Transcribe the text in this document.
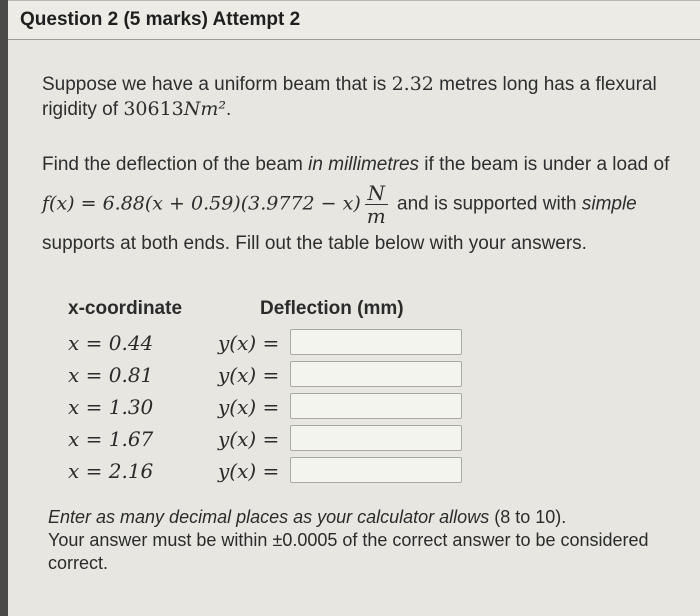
Question 2 (5 marks) Attempt 2
Suppose we have a uniform beam that is 2.32 metres long has a flexural rigidity of 30613Nm².
Find the deflection of the beam in millimetres if the beam is under a load of $f(x) = 6.88(x + 0.59)(3.9772 - x) \frac{N}{m}$ and is supported with simple supports at both ends. Fill out the table below with your answers.
x-coordinate	Deflection (mm)
x = 0.44	y(x) =
x = 0.81	y(x) =
x = 1.30	y(x) =
x = 1.67	y(x) =
x = 2.16	y(x) =
Enter as many decimal places as your calculator allows (8 to 10).
Your answer must be within ±0.0005 of the correct answer to be considered correct.
